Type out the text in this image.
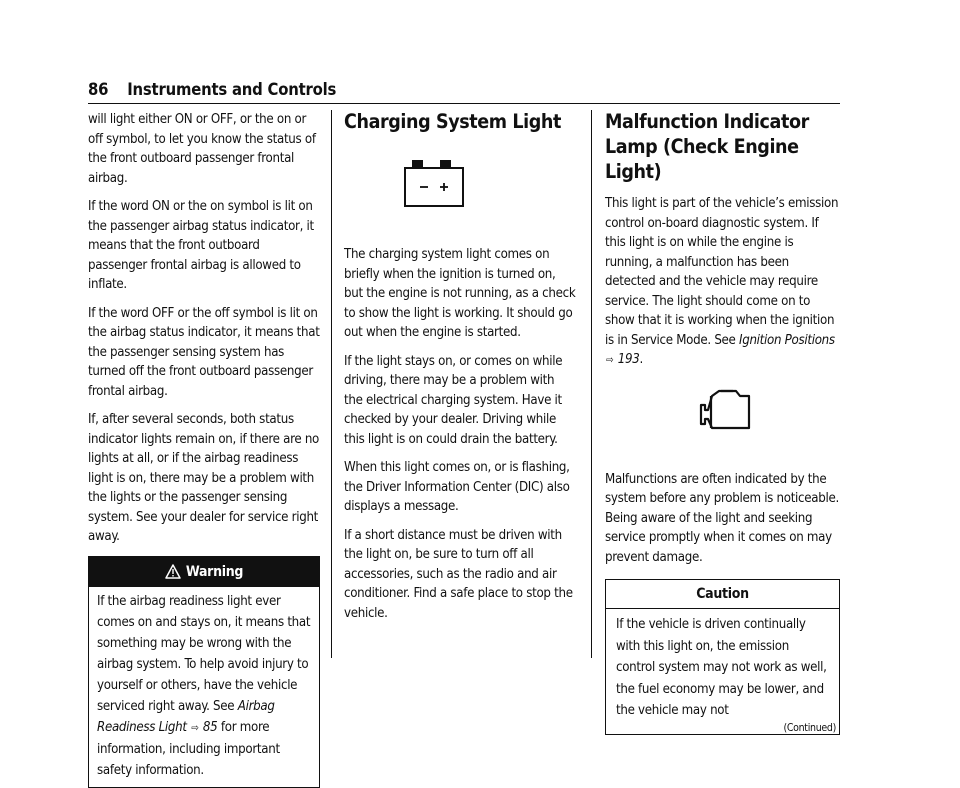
86 Instruments and Controls

will light either ON or OFF, or the on or off symbol, to let you know the status of the front outboard passenger frontal airbag.

If the word ON or the on symbol is lit on the passenger airbag status indicator, it means that the front outboard passenger frontal airbag is allowed to inflate.

If the word OFF or the off symbol is lit on the airbag status indicator, it means that the passenger sensing system has turned off the front outboard passenger frontal airbag.

If, after several seconds, both status indicator lights remain on, if there are no lights at all, or if the airbag readiness light is on, there may be a problem with the lights or the passenger sensing system. See your dealer for service right away.

Warning
If the airbag readiness light ever comes on and stays on, it means that something may be wrong with the airbag system. To help avoid injury to yourself or others, have the vehicle serviced right away. See Airbag Readiness Light ⇨ 85 for more information, including important safety information.
Charging System Light

The charging system light comes on briefly when the ignition is turned on, but the engine is not running, as a check to show the light is working. It should go out when the engine is started.

If the light stays on, or comes on while driving, there may be a problem with the electrical charging system. Have it checked by your dealer. Driving while this light is on could drain the battery.

When this light comes on, or is flashing, the Driver Information Center (DIC) also displays a message.

If a short distance must be driven with the light on, be sure to turn off all accessories, such as the radio and air conditioner. Find a safe place to stop the vehicle.

Malfunction Indicator Lamp (Check Engine Light)

This light is part of the vehicle’s emission control on-board diagnostic system. If this light is on while the engine is running, a malfunction has been detected and the vehicle may require service. The light should come on to show that it is working when the ignition is in Service Mode. See Ignition Positions ⇨ 193.

Malfunctions are often indicated by the system before any problem is noticeable. Being aware of the light and seeking service promptly when it comes on may prevent damage.

Caution
If the vehicle is driven continually with this light on, the emission control system may not work as well, the fuel economy may be lower, and the vehicle may not
(Continued)
